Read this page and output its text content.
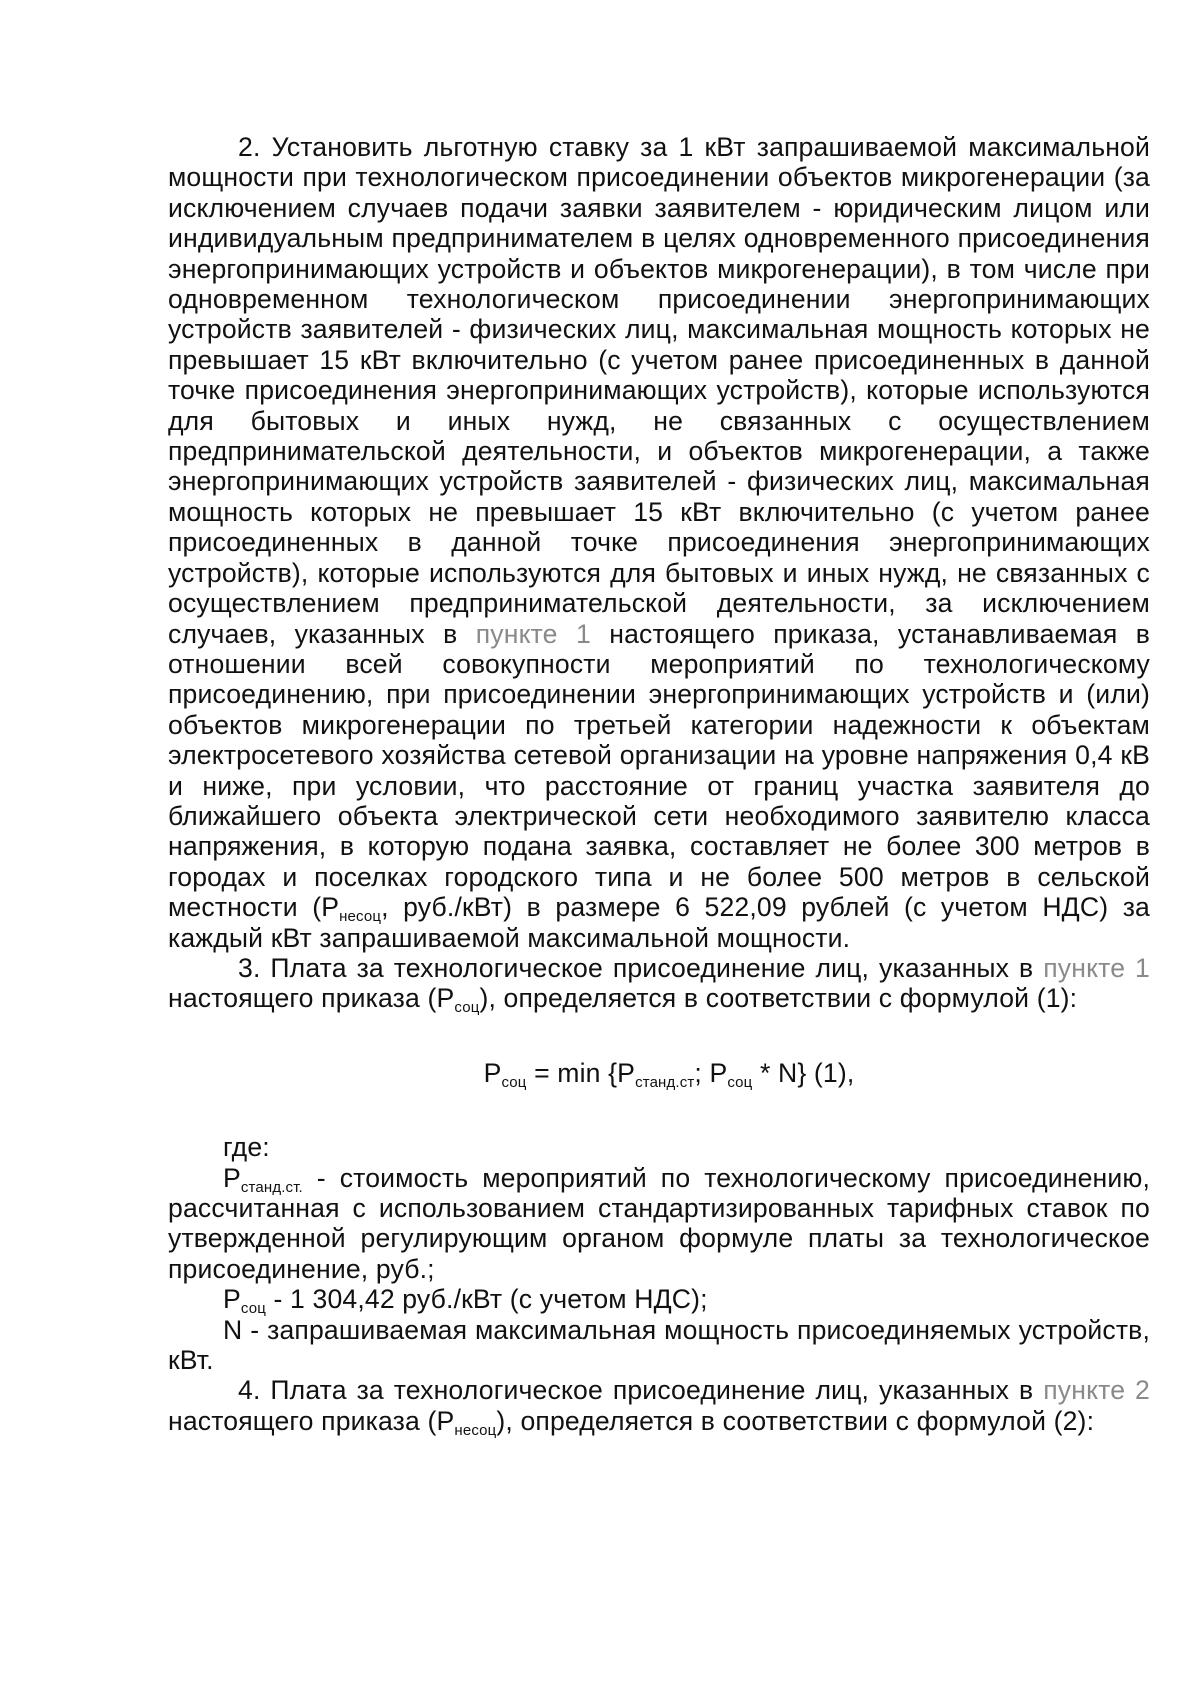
2. Установить льготную ставку за 1 кВт запрашиваемой максимальной мощности при технологическом присоединении объектов микрогенерации (за исключением случаев подачи заявки заявителем - юридическим лицом или индивидуальным предпринимателем в целях одновременного присоединения энергопринимающих устройств и объектов микрогенерации), в том числе при одновременном технологическом присоединении энергопринимающих устройств заявителей - физических лиц, максимальная мощность которых не превышает 15 кВт включительно (с учетом ранее присоединенных в данной точке присоединения энергопринимающих устройств), которые используются для бытовых и иных нужд, не связанных с осуществлением предпринимательской деятельности, и объектов микрогенерации, а также энергопринимающих устройств заявителей - физических лиц, максимальная мощность которых не превышает 15 кВт включительно (с учетом ранее присоединенных в данной точке присоединения энергопринимающих устройств), которые используются для бытовых и иных нужд, не связанных с осуществлением предпринимательской деятельности, за исключением случаев, указанных в пункте 1 настоящего приказа, устанавливаемая в отношении всей совокупности мероприятий по технологическому присоединению, при присоединении энергопринимающих устройств и (или) объектов микрогенерации по третьей категории надежности к объектам электросетевого хозяйства сетевой организации на уровне напряжения 0,4 кВ и ниже, при условии, что расстояние от границ участка заявителя до ближайшего объекта электрической сети необходимого заявителю класса напряжения, в которую подана заявка, составляет не более 300 метров в городах и поселках городского типа и не более 500 метров в сельской местности ($P_{несоц}$, руб./кВт) в размере 6 522,09 рублей (с учетом НДС) за каждый кВт запрашиваемой максимальной мощности.

3. Плата за технологическое присоединение лиц, указанных в пункте 1 настоящего приказа $(P_{соц})$, определяется в соответствии с формулой (1):

$P_{соц} = \min \{P_{станд.ст}$; $P_{соц} * N$} (1),

где:

$P_{станд.ст.}$ - стоимость мероприятий по технологическому присоединению, рассчитанная с использованием стандартизированных тарифных ставок по утвержденной регулирующим органом формуле платы за технологическое присоединение, руб.;

$P_{соц} - 1$ 304,42 руб./кВт (с учетом НДС);

N - запрашиваемая максимальная мощность присоединяемых устройств, кВт.

4. Плата за технологическое присоединение лиц, указанных в пункте 2 настоящего приказа $(P_{несоц})$, определяется в соответствии с формулой (2):
